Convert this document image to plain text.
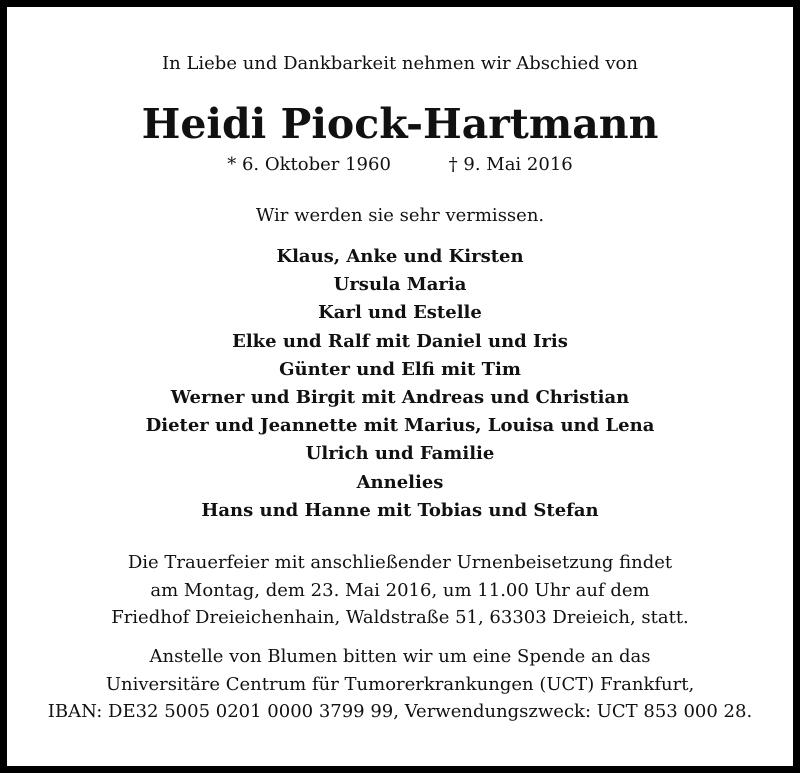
In Liebe und Dankbarkeit nehmen wir Abschied von
Heidi Piock-Hartmann
* 6. Oktober 1960	† 9. Mai 2016
Wir werden sie sehr vermissen.
Klaus, Anke und Kirsten
Ursula Maria
Karl und Estelle
Elke und Ralf mit Daniel und Iris
Günter und Elfi mit Tim
Werner und Birgit mit Andreas und Christian
Dieter und Jeannette mit Marius, Louisa und Lena
Ulrich und Familie
Annelies
Hans und Hanne mit Tobias und Stefan
Die Trauerfeier mit anschließender Urnenbeisetzung findet
am Montag, dem 23. Mai 2016, um 11.00 Uhr auf dem
Friedhof Dreieichenhain, Waldstraße 51, 63303 Dreieich, statt.
Anstelle von Blumen bitten wir um eine Spende an das
Universitäre Centrum für Tumorerkrankungen (UCT) Frankfurt,
IBAN: DE32 5005 0201 0000 3799 99, Verwendungszweck: UCT 853 000 28.
